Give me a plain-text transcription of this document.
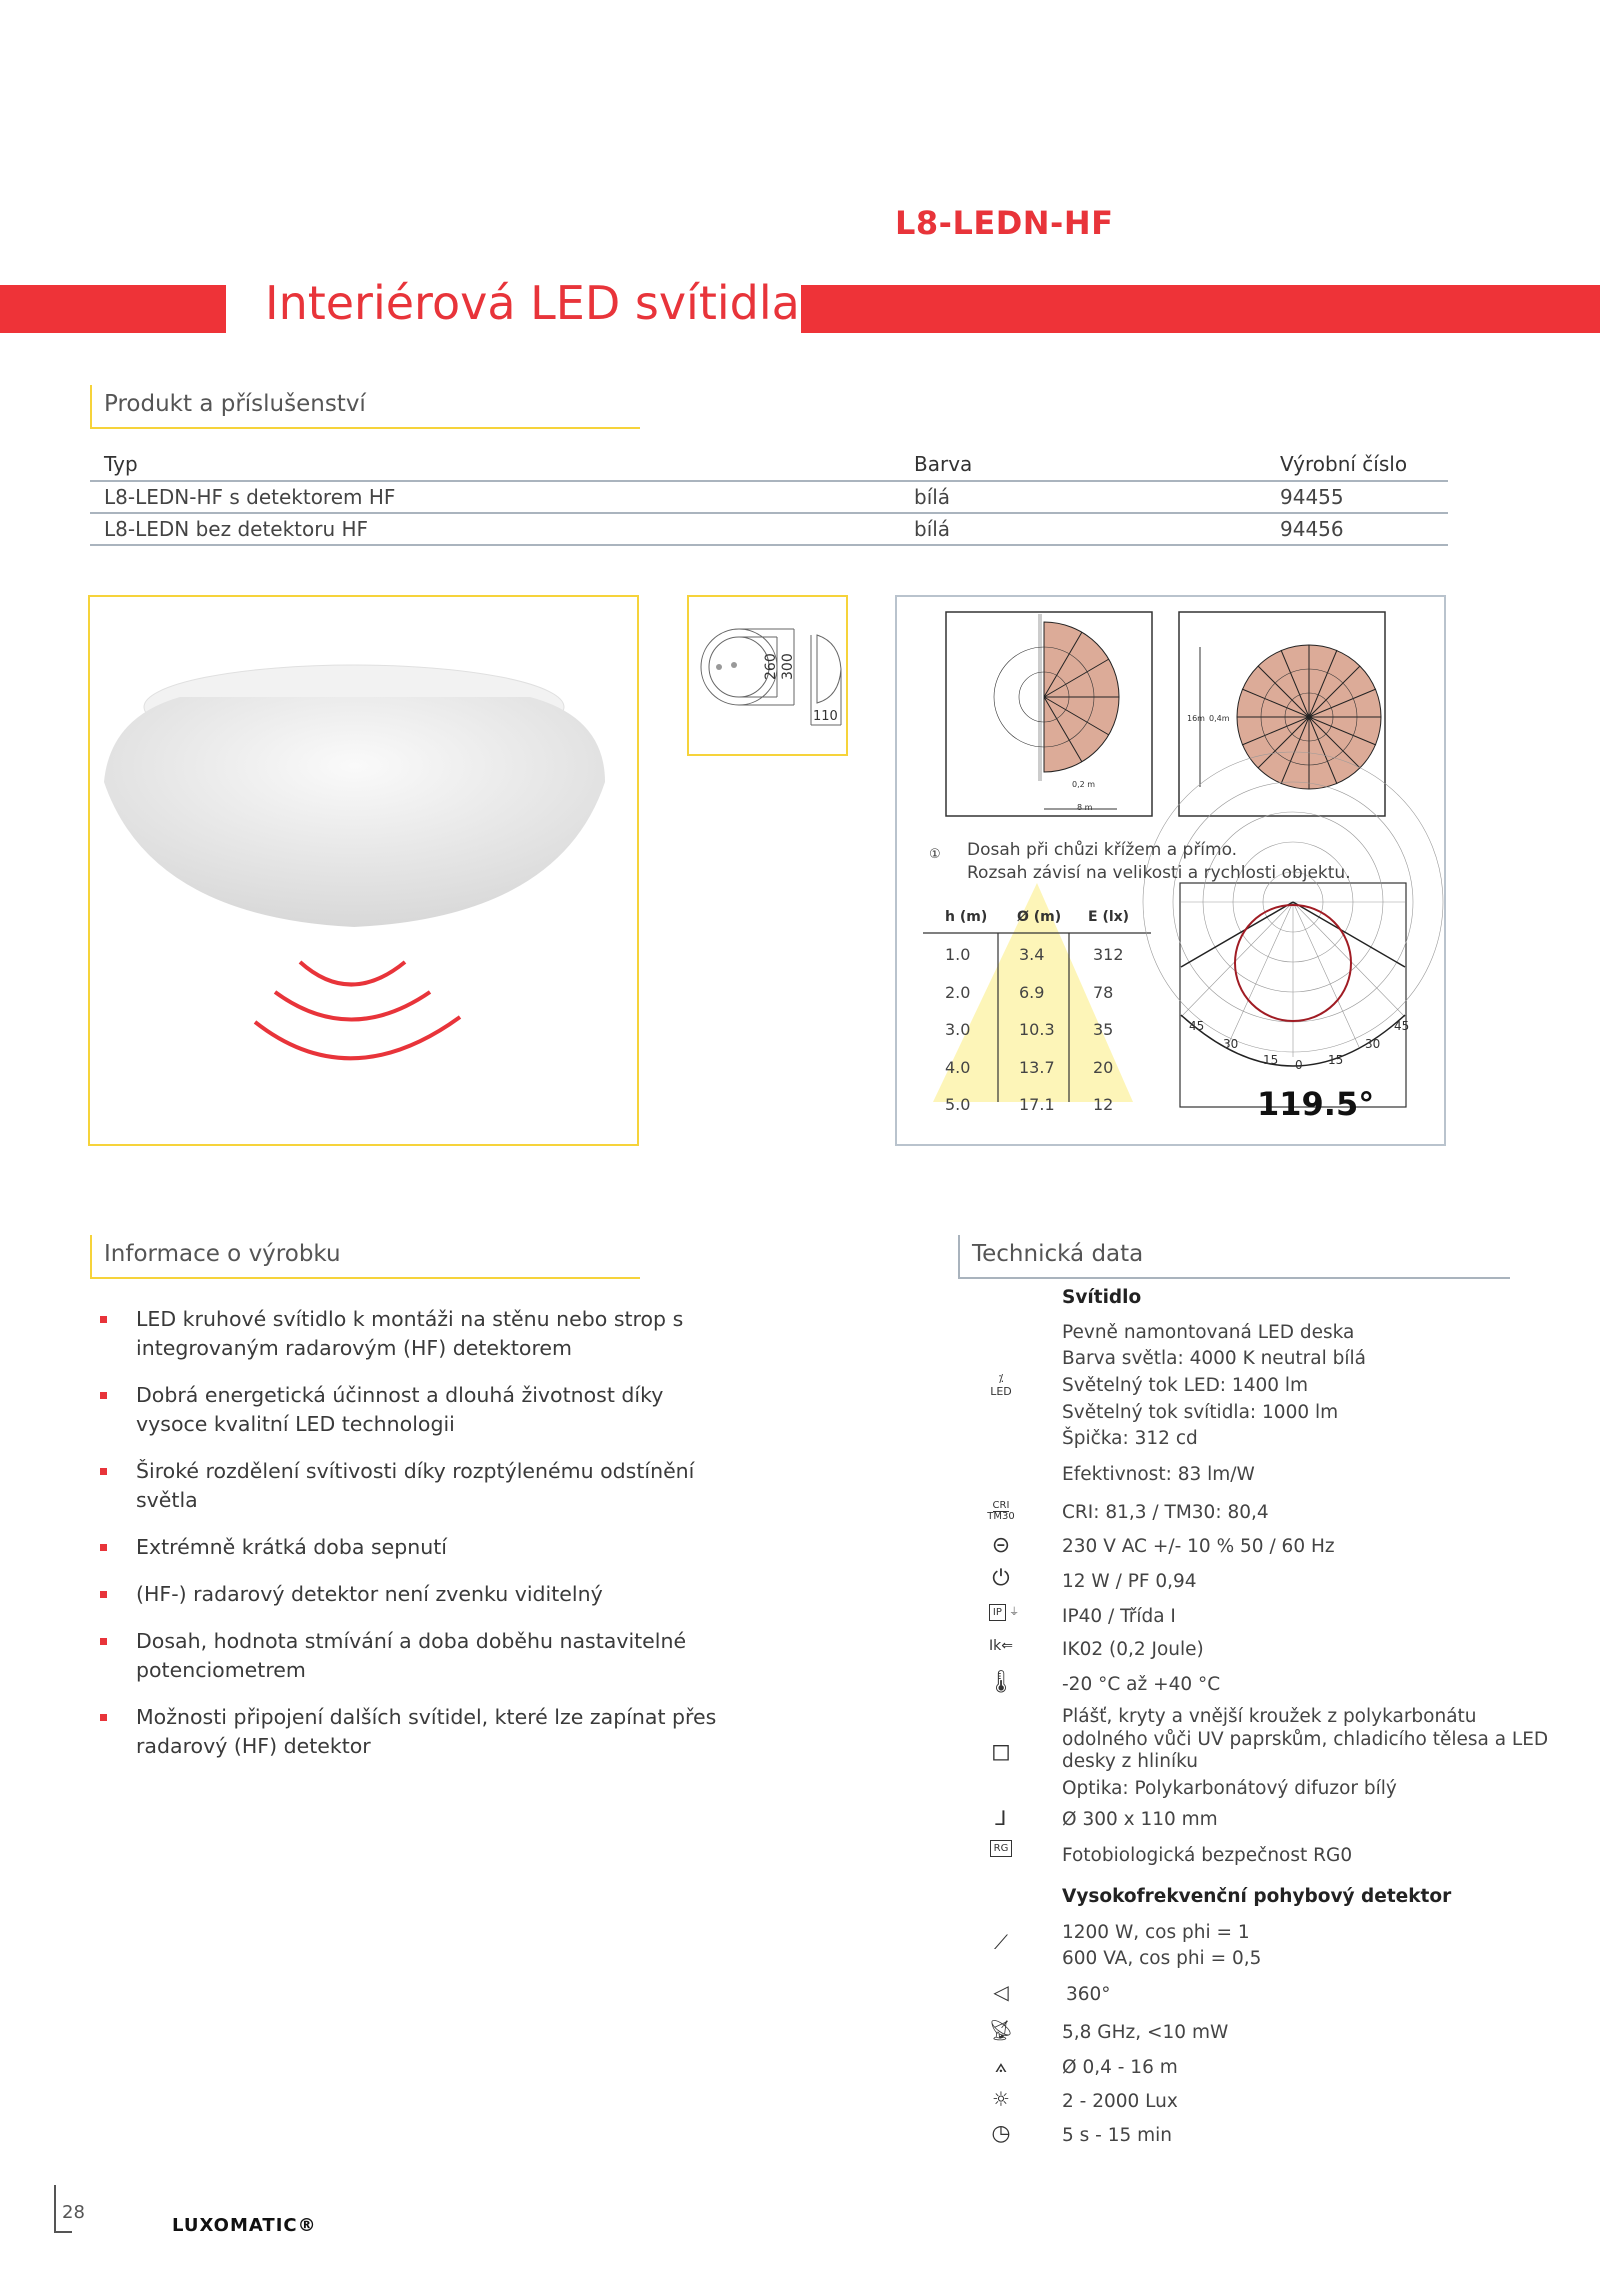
L8-LEDN-HF
Interiérová LED svítidla
Produkt a příslušenství
Typ	Barva	Výrobní číslo
L8-LEDN-HF s detektorem HF	bílá	94455
L8-LEDN bez detektoru HF	bílá	94456
260 300
110
0,2 m
8 m
16m 0,4m
① Dosah při chůzi křížem a přímo.
Rozsah závisí na velikosti a rychlosti objektu.
h (m) Ø (m) E (lx)
1.0	3.4	312
2.0	6.9	78
3.0	10.3 35
4.0	13.7 20
5.0	17.1 12
45
30
15 0 15
30
45
119.5°
Informace o výrobku
LED kruhové svítidlo k montáži na stěnu nebo strop s integrovaným radarovým (HF) detektorem
Dobrá energetická účinnost a dlouhá životnost díky vysoce kvalitní LED technologii
Široké rozdělení svítivosti díky rozptýlenému odstínění světla
Extrémně krátká doba sepnutí
(HF-) radarový detektor není zvenku viditelný
Dosah, hodnota stmívání a doba doběhu nastavitelné potenciometrem
Možnosti připojení dalších svítidel, které lze zapínat přes radarový (HF) detektor
Technická data
Svítidlo
Pevně namontovaná LED deska
Barva světla: 4000 K neutral bílá
Světelný tok LED: 1400 lm
Světelný tok svítidla: 1000 lm
Špička: 312 cd
⁒
LED
Efektivnost: 83 lm/W
CRI
TM30	CRI: 81,3 / TM30: 80,4
⊝	230 V AC +/- 10 % 50 / 60 Hz
⏻	12 W / PF 0,94
IP ⏚	IP40 / Třída I
Ik⇐	IK02 (0,2 Joule)
🌡︎	-20 °C až +40 °C
Plášť, kryty a vnější kroužek z polykarbonátu
odolného vůči UV paprskům, chladicího tělesa a LED
desky z hliníku
◻
Optika: Polykarbonátový difuzor bílý
⅃	Ø 300 x 110 mm
RG	Fotobiologická bezpečnost RG0
Vysokofrekvenční pohybový detektor
⟋	1200 W, cos phi = 1
600 VA, cos phi = 0,5
◁	360°
📡︎	5,8 GHz, <10 mW
⟑	Ø 0,4 - 16 m
☼	2 - 2000 Lux
◷	5 s - 15 min
28
LUXOMATIC®
